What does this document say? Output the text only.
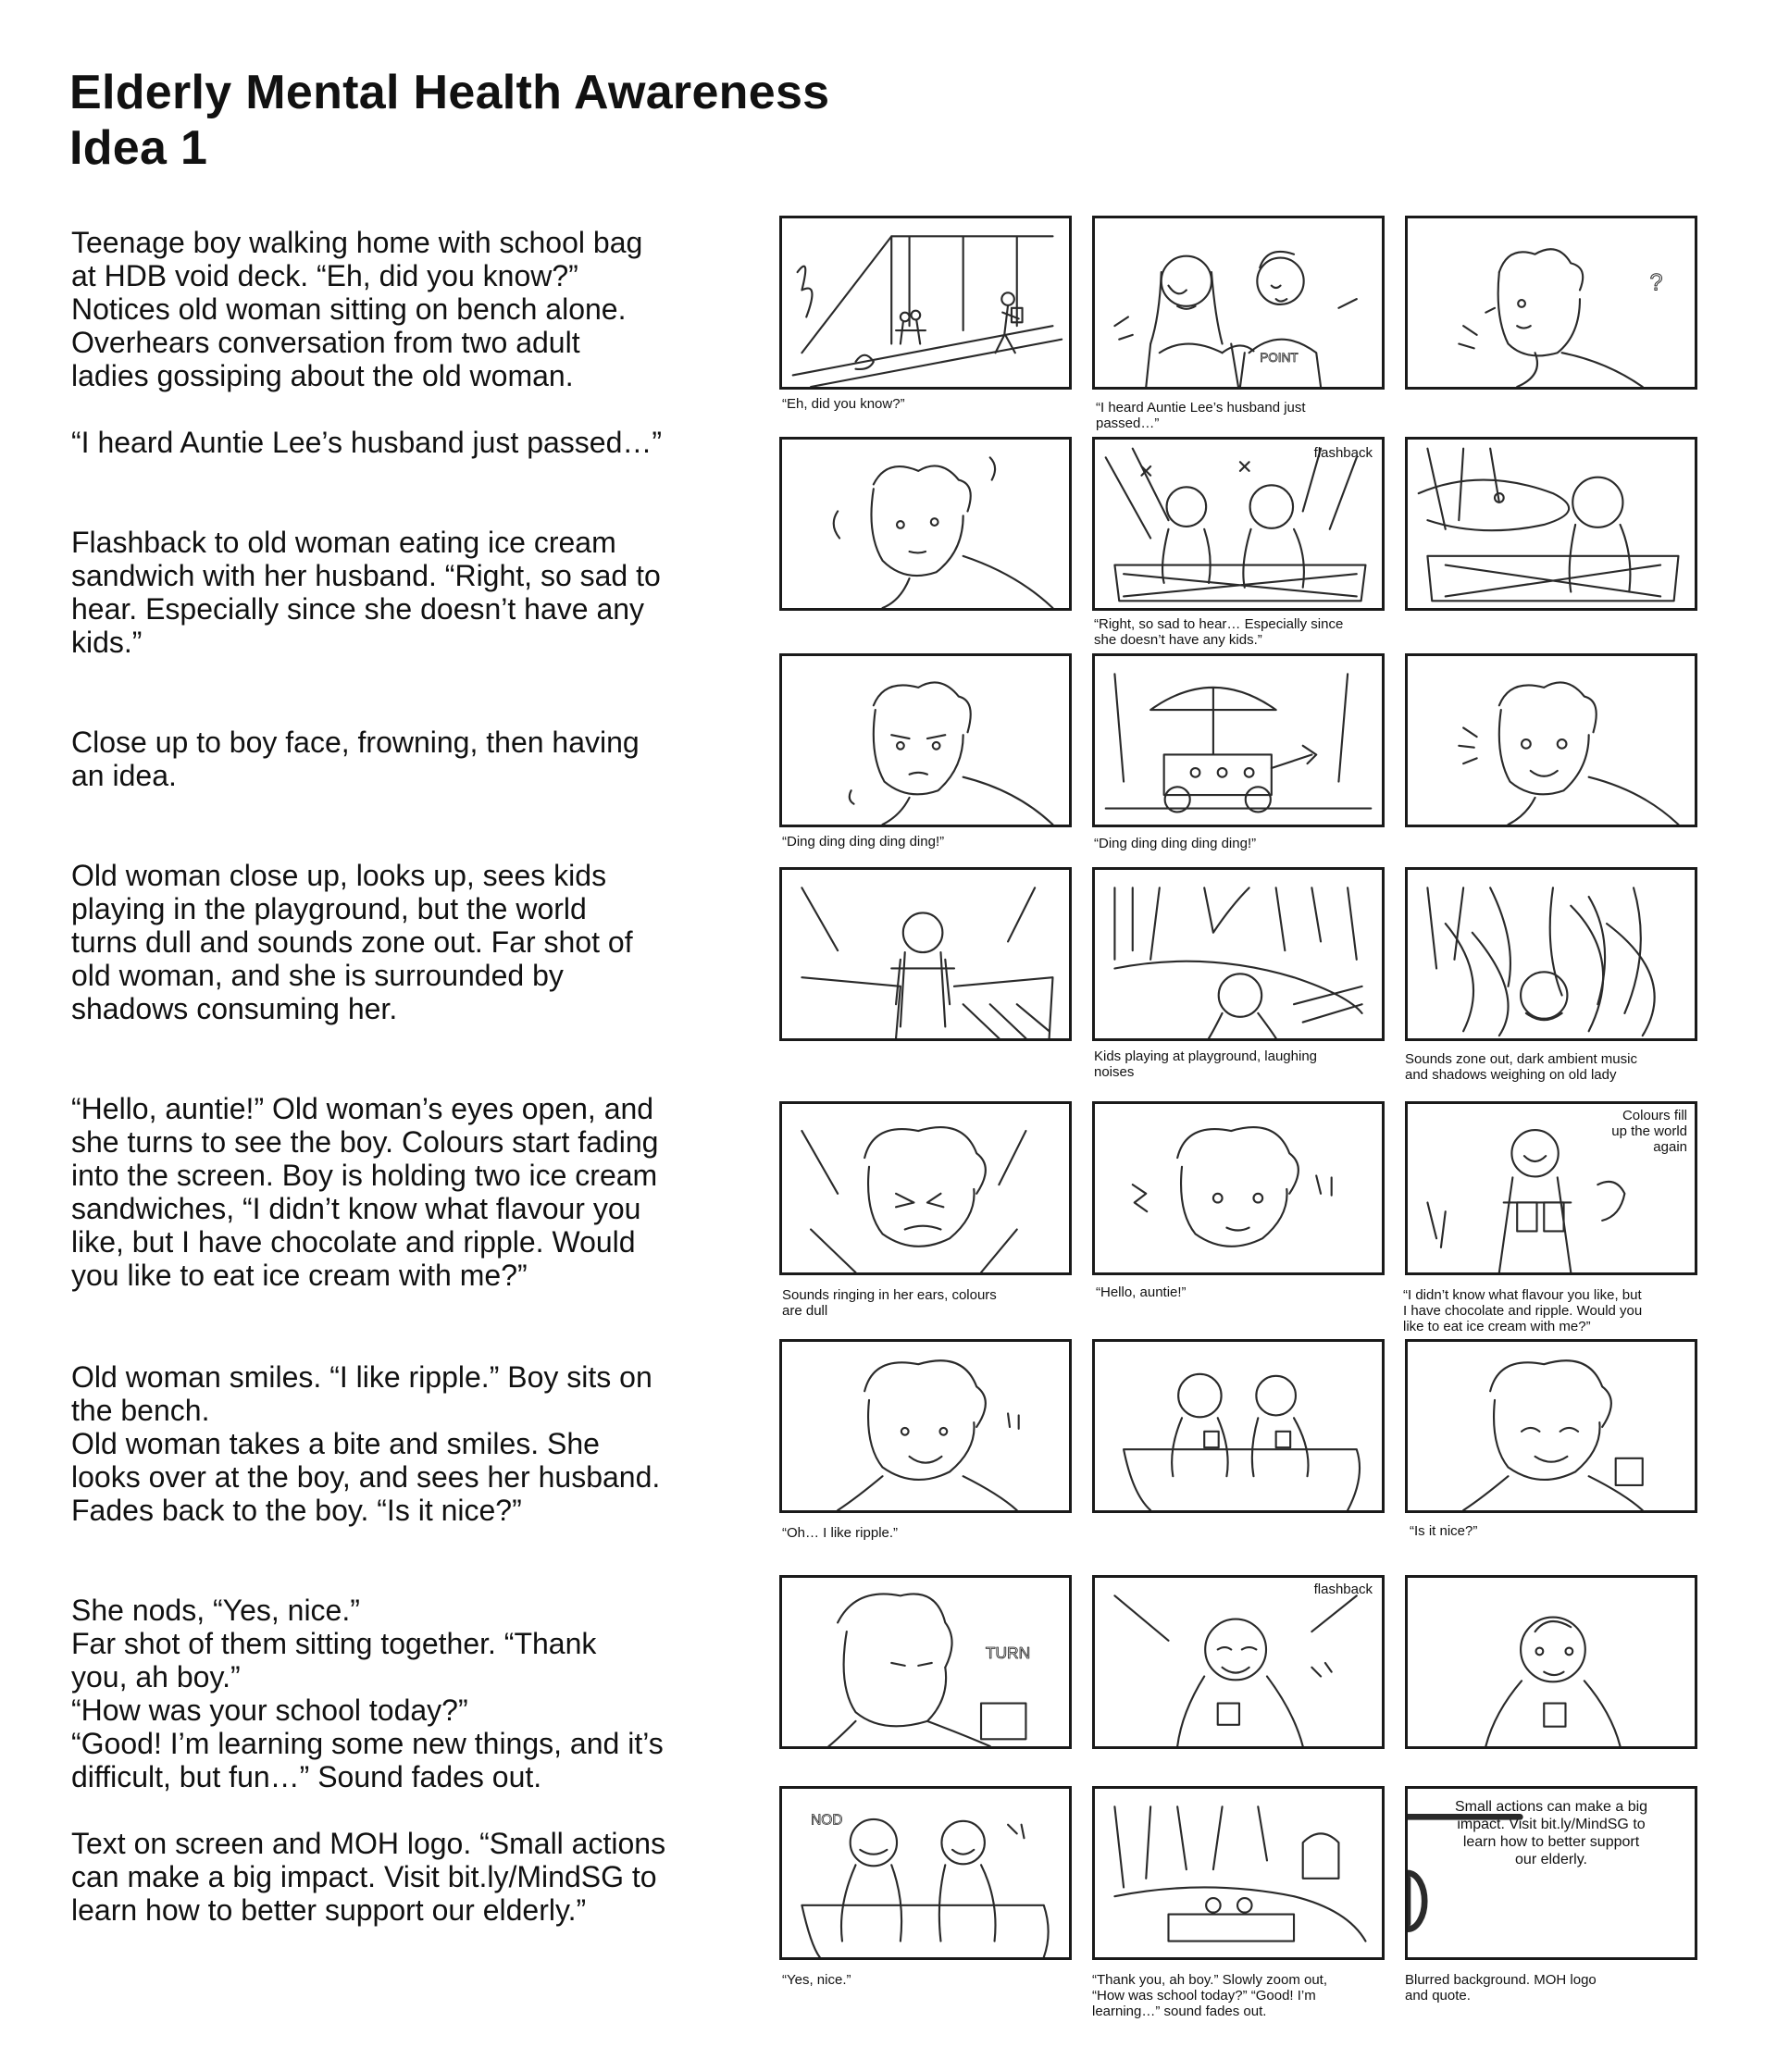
Elderly Mental Health Awareness
Idea 1
Teenage boy walking home with school bag
at HDB void deck. “Eh, did you know?”
Notices old woman sitting on bench alone.
Overhears conversation from two adult
ladies gossiping about the old woman.
“I heard Auntie Lee’s husband just passed…”
Flashback to old woman eating ice cream
sandwich with her husband. “Right, so sad to
hear. Especially since she doesn’t have any
kids.”
Close up to boy face, frowning, then having
an idea.
Old woman close up, looks up, sees kids
playing in the playground, but the world
turns dull and sounds zone out. Far shot of
old woman, and she is surrounded by
shadows consuming her.
“Hello, auntie!” Old woman’s eyes open, and
she turns to see the boy. Colours start fading
into the screen. Boy is holding two ice cream
sandwiches, “I didn’t know what flavour you
like, but I have chocolate and ripple. Would
you like to eat ice cream with me?”
Old woman smiles. “I like ripple.” Boy sits on
the bench.
Old woman takes a bite and smiles. She
looks over at the boy, and sees her husband.
Fades back to the boy. “Is it nice?”
She nods, “Yes, nice.”
Far shot of them sitting together. “Thank
you, ah boy.”
“How was your school today?”
“Good! I’m learning some new things, and it’s
difficult, but fun…” Sound fades out.
Text on screen and MOH logo. “Small actions
can make a big impact. Visit bit.ly/MindSG to
learn how to better support our elderly.”
POINT
?
flashback
Colours fill
up the world
again
TURN
flashback
NOD
Small actions can make a big
impact. Visit bit.ly/MindSG to
learn how to better support
our elderly.
“Eh, did you know?”	“I heard Auntie Lee’s husband just
passed…”
“Right, so sad to hear… Especially since
she doesn’t have any kids.”
“Ding ding ding ding ding!”	“Ding ding ding ding ding!”
Kids playing at playground, laughing
noises
Sounds zone out, dark ambient music
and shadows weighing on old lady
Sounds ringing in her ears, colours
are dull
“Hello, auntie!”	“I didn’t know what flavour you like, but
I have chocolate and ripple. Would you
like to eat ice cream with me?”
“Oh… I like ripple.”	“Is it nice?”
“Yes, nice.”	“Thank you, ah boy.” Slowly zoom out,
“How was school today?” “Good! I’m
learning…” sound fades out.
Blurred background. MOH logo
and quote.
